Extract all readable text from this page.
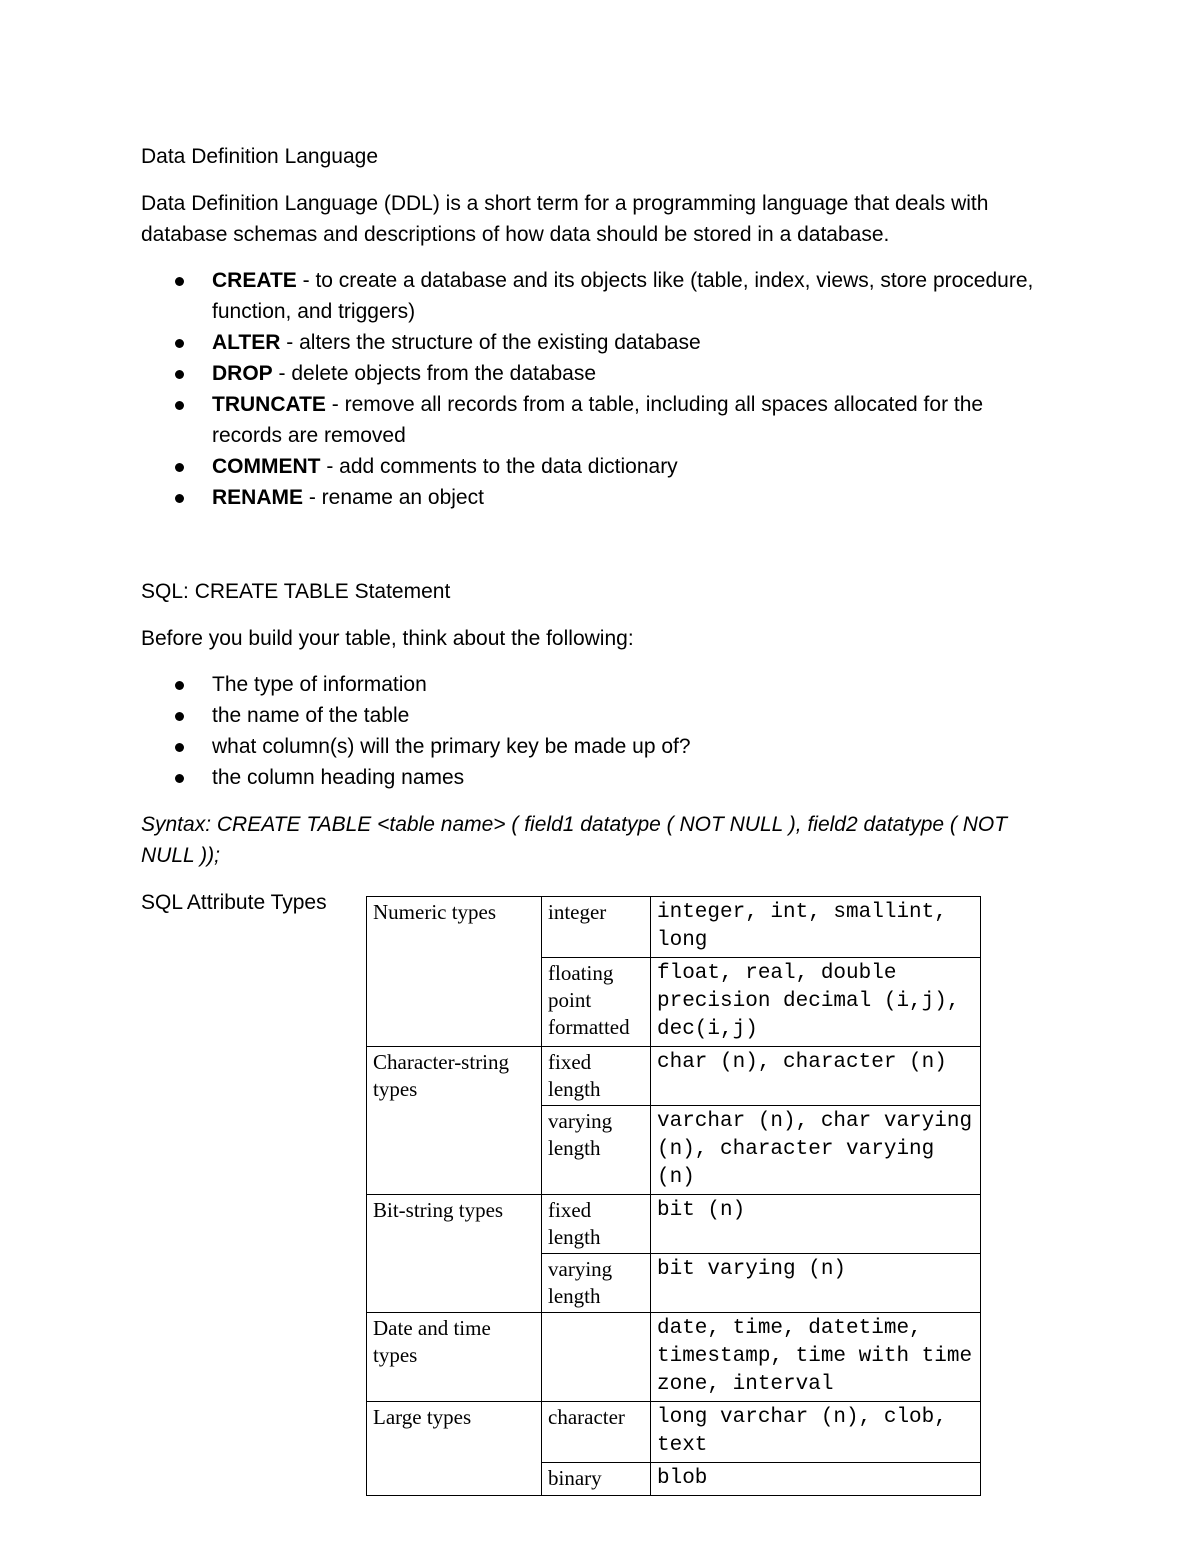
Data Definition Language
Data Definition Language (DDL) is a short term for a programming language that deals with
database schemas and descriptions of how data should be stored in a database.
CREATE - to create a database and its objects like (table, index, views, store procedure,
function, and triggers)
ALTER - alters the structure of the existing database
DROP - delete objects from the database
TRUNCATE - remove all records from a table, including all spaces allocated for the
records are removed
COMMENT - add comments to the data dictionary
RENAME - rename an object
SQL: CREATE TABLE Statement
Before you build your table, think about the following:
The type of information
the name of the table
what column(s) will the primary key be made up of?
the column heading names
Syntax: CREATE TABLE <table name> ( field1 datatype ( NOT NULL ), field2 datatype ( NOT
NULL ));
SQL Attribute Types Numeric types	integer	integer, int, smallint, long
	floating point formatted	float, real, double precision decimal (i,j), dec(i,j)
Character-string types	fixed length	char (n), character (n)
	varying length	varchar (n), char varying (n), character varying (n)
Bit-string types	fixed length	bit (n)
	varying length	bit varying (n)
Date and time types		date, time, datetime, timestamp, time with time zone, interval
Large types	character	long varchar (n), clob, text
	binary	blob
